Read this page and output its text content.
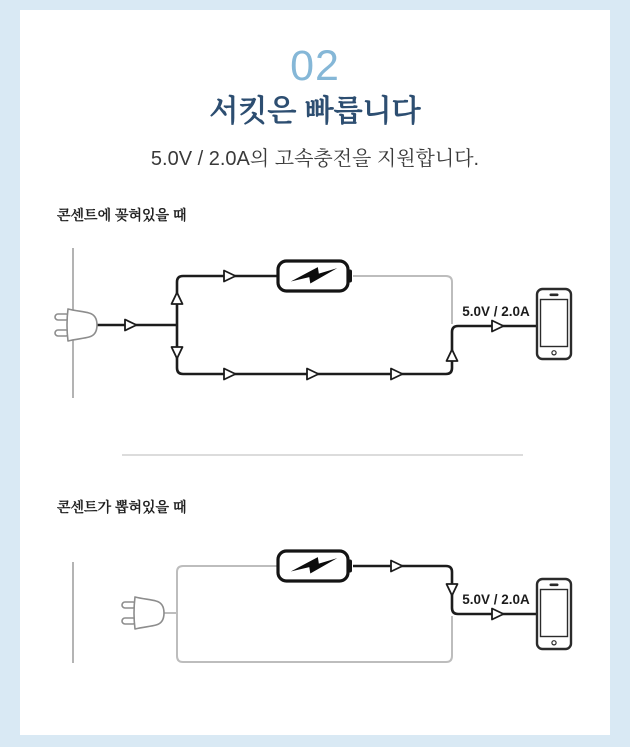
02
서킷은 빠릅니다
5.0V / 2.0A의 고속충전을 지원합니다.
콘센트에 꽂혀있을 때
5.0V / 2.0A
콘센트가 뽑혀있을 때
5.0V / 2.0A
